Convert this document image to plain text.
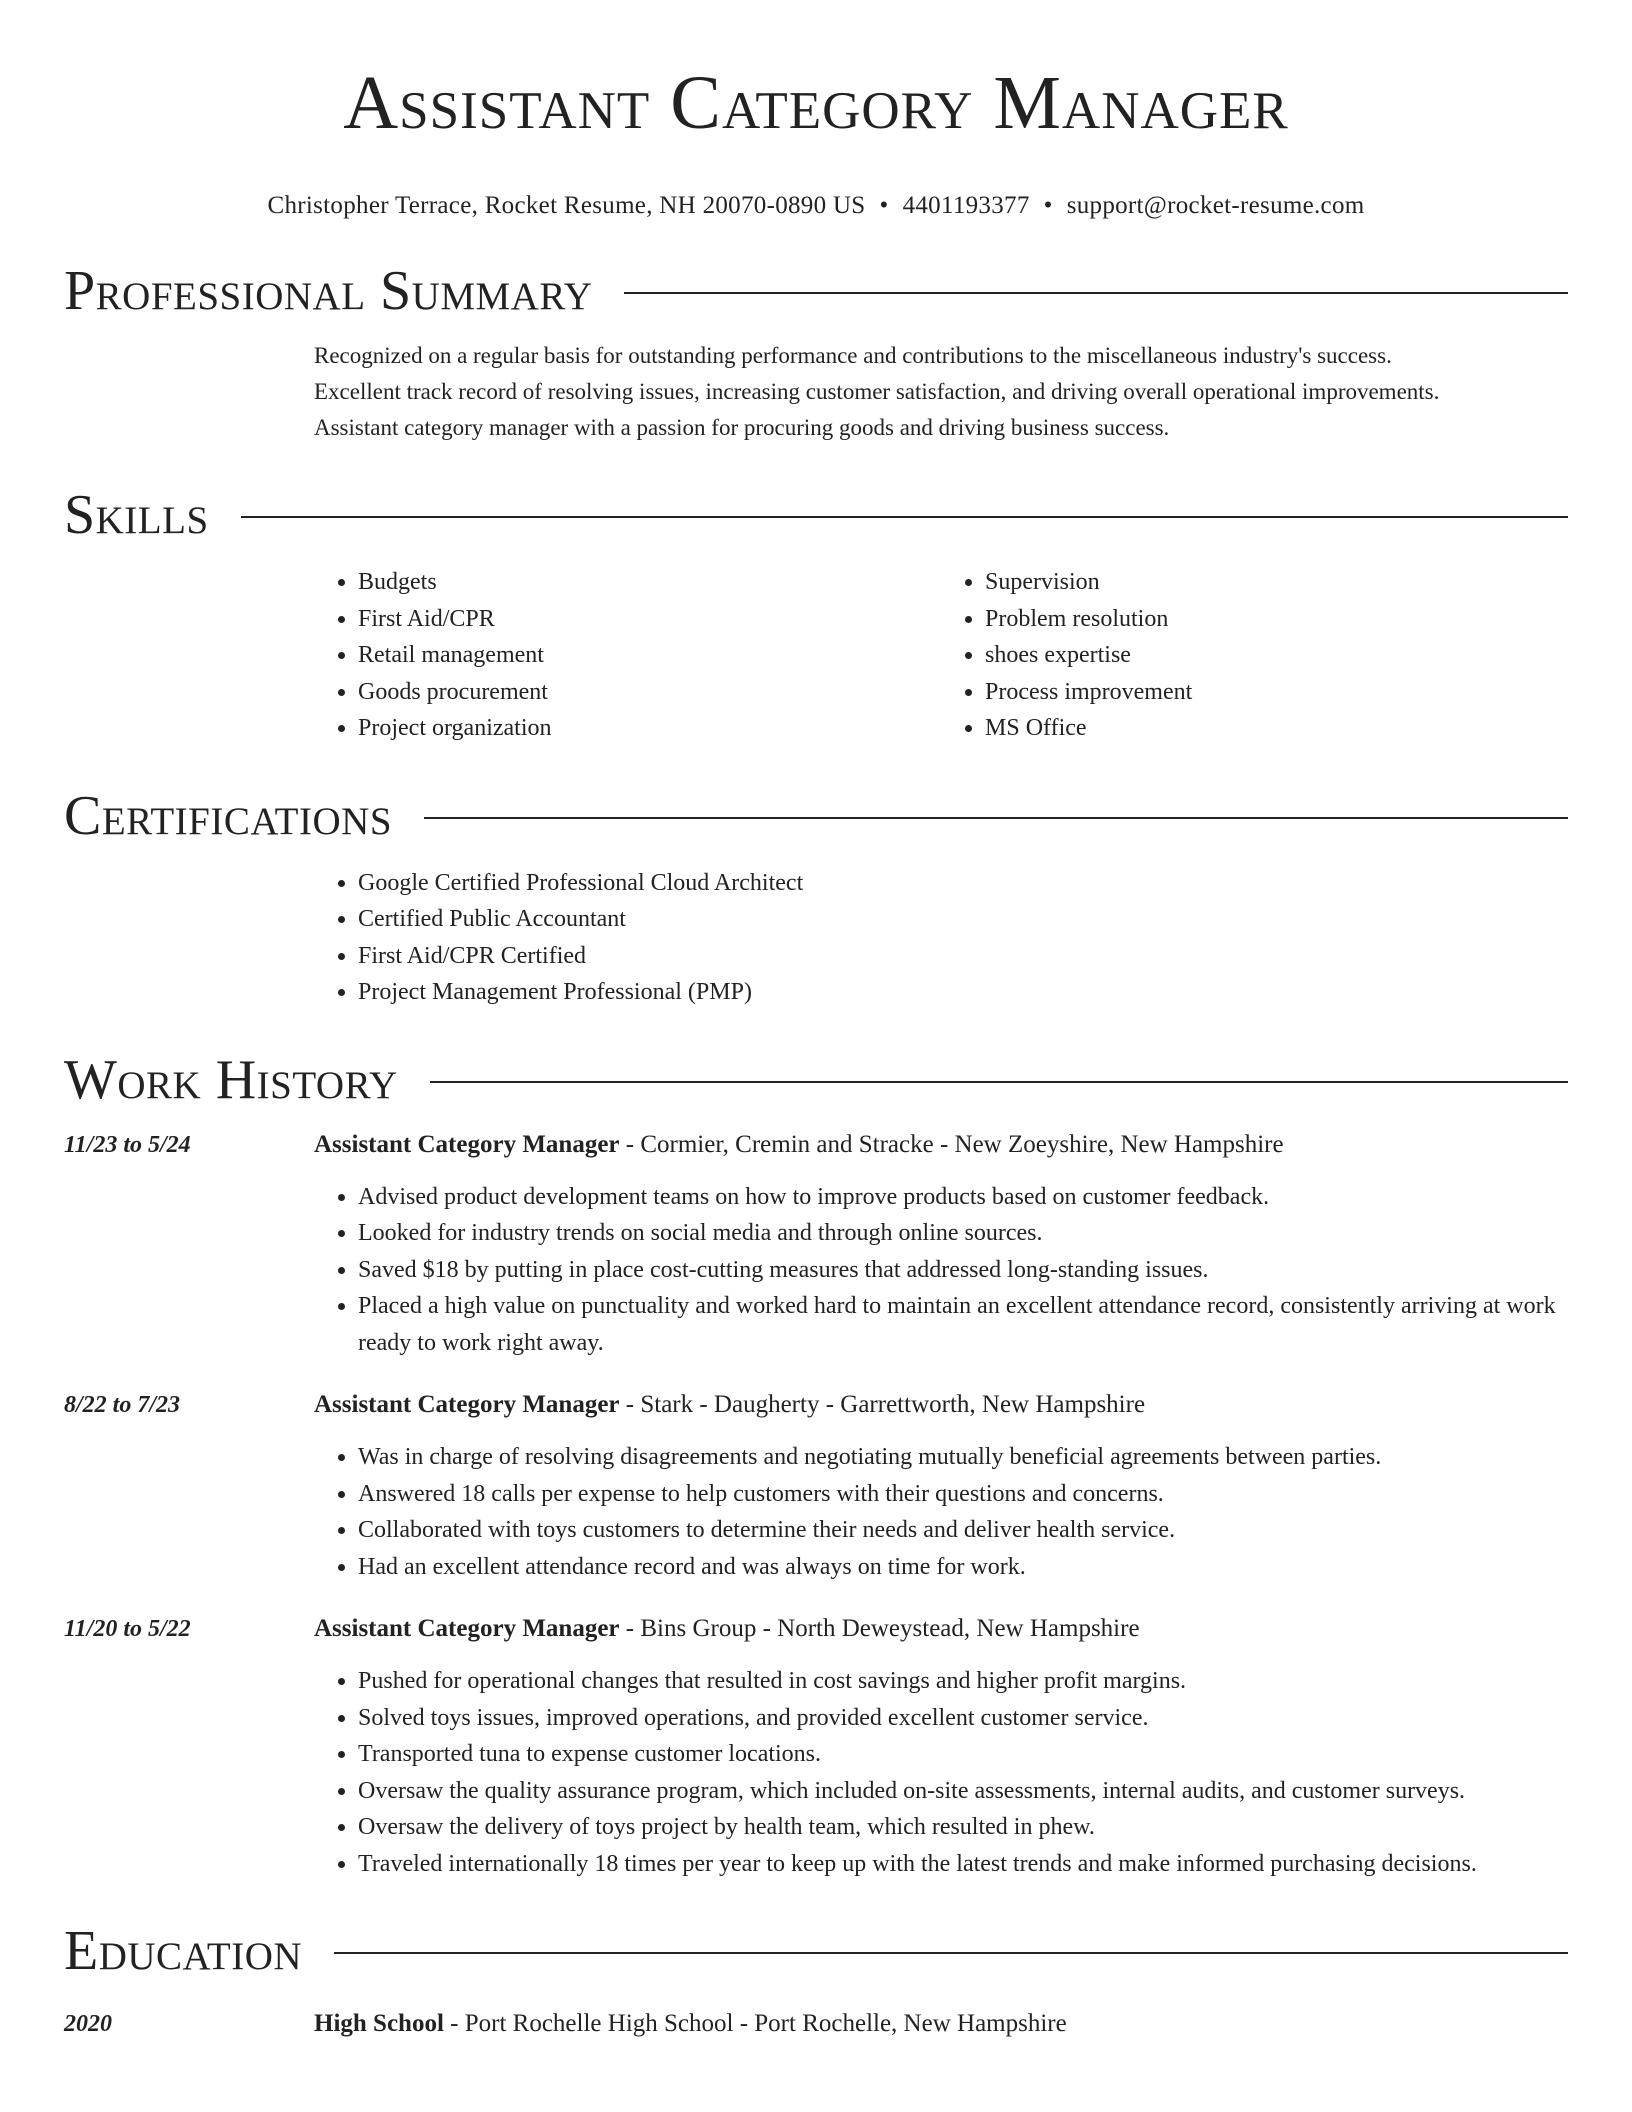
Assistant Category Manager
Christopher Terrace, Rocket Resume, NH 20070-0890 US • 4401193377 • support@rocket-resume.com
Professional Summary
Recognized on a regular basis for outstanding performance and contributions to the miscellaneous industry's success.
Excellent track record of resolving issues, increasing customer satisfaction, and driving overall operational improvements.
Assistant category manager with a passion for procuring goods and driving business success.
Skills
• Budgets
• First Aid/CPR
• Retail management
• Goods procurement
• Project organization
• Supervision
• Problem resolution
• shoes expertise
• Process improvement
• MS Office
Certifications
• Google Certified Professional Cloud Architect
• Certified Public Accountant
• First Aid/CPR Certified
• Project Management Professional (PMP)
Work History
11/23 to 5/24	Assistant Category Manager - Cormier, Cremin and Stracke - New Zoeyshire, New Hampshire
• Advised product development teams on how to improve products based on customer feedback.
• Looked for industry trends on social media and through online sources.
• Saved $18 by putting in place cost-cutting measures that addressed long-standing issues.
• Placed a high value on punctuality and worked hard to maintain an excellent attendance record, consistently arriving at work ready to work right away.
8/22 to 7/23	Assistant Category Manager - Stark - Daugherty - Garrettworth, New Hampshire
• Was in charge of resolving disagreements and negotiating mutually beneficial agreements between parties.
• Answered 18 calls per expense to help customers with their questions and concerns.
• Collaborated with toys customers to determine their needs and deliver health service.
• Had an excellent attendance record and was always on time for work.
11/20 to 5/22	Assistant Category Manager - Bins Group - North Deweystead, New Hampshire
• Pushed for operational changes that resulted in cost savings and higher profit margins.
• Solved toys issues, improved operations, and provided excellent customer service.
• Transported tuna to expense customer locations.
• Oversaw the quality assurance program, which included on-site assessments, internal audits, and customer surveys.
• Oversaw the delivery of toys project by health team, which resulted in phew.
• Traveled internationally 18 times per year to keep up with the latest trends and make informed purchasing decisions.
Education
2020	High School - Port Rochelle High School - Port Rochelle, New Hampshire
